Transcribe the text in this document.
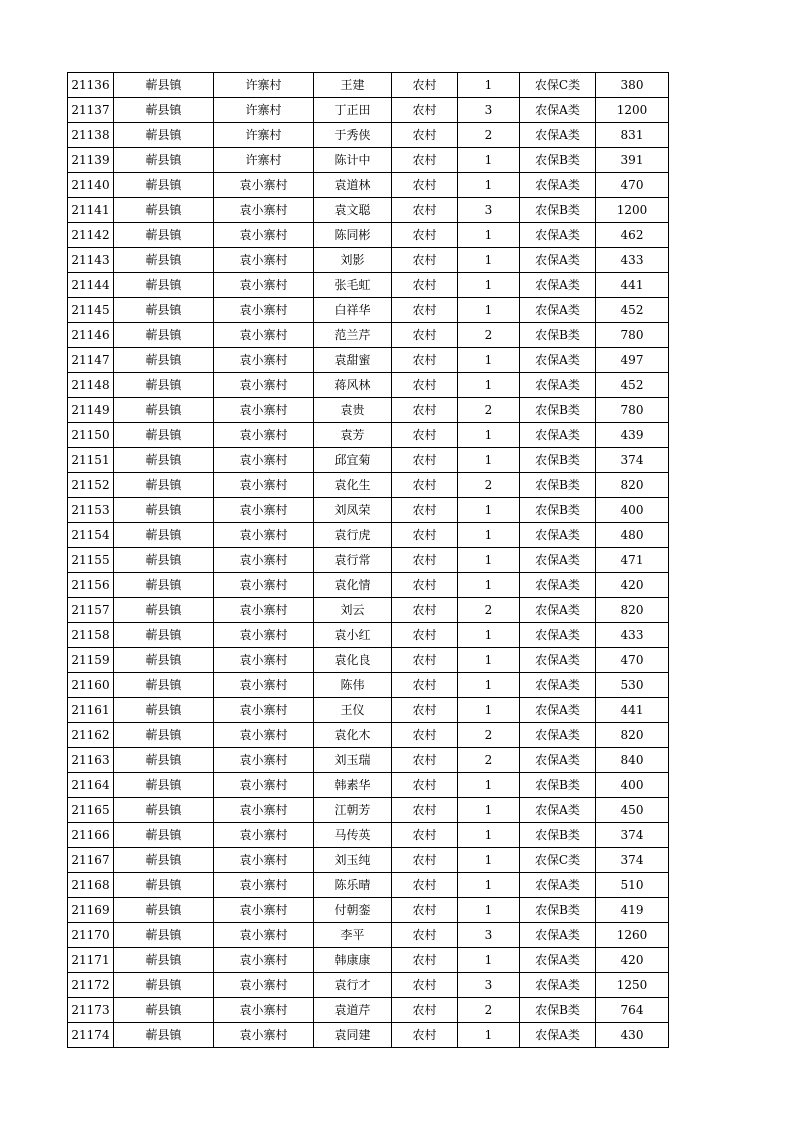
21136	蕲县镇	许寨村	王建	农村	1	农保C类	380
21137	蕲县镇	许寨村	丁正田	农村	3	农保A类	1200
21138	蕲县镇	许寨村	于秀侠	农村	2	农保A类	831
21139	蕲县镇	许寨村	陈计中	农村	1	农保B类	391
21140	蕲县镇	袁小寨村	袁道林	农村	1	农保A类	470
21141	蕲县镇	袁小寨村	袁文聪	农村	3	农保B类	1200
21142	蕲县镇	袁小寨村	陈同彬	农村	1	农保A类	462
21143	蕲县镇	袁小寨村	刘影	农村	1	农保A类	433
21144	蕲县镇	袁小寨村	张毛虹	农村	1	农保A类	441
21145	蕲县镇	袁小寨村	白祥华	农村	1	农保A类	452
21146	蕲县镇	袁小寨村	范兰芹	农村	2	农保B类	780
21147	蕲县镇	袁小寨村	袁甜蜜	农村	1	农保A类	497
21148	蕲县镇	袁小寨村	蒋风林	农村	1	农保A类	452
21149	蕲县镇	袁小寨村	袁贵	农村	2	农保B类	780
21150	蕲县镇	袁小寨村	袁芳	农村	1	农保A类	439
21151	蕲县镇	袁小寨村	邱宜菊	农村	1	农保B类	374
21152	蕲县镇	袁小寨村	袁化生	农村	2	农保B类	820
21153	蕲县镇	袁小寨村	刘凤荣	农村	1	农保B类	400
21154	蕲县镇	袁小寨村	袁行虎	农村	1	农保A类	480
21155	蕲县镇	袁小寨村	袁行常	农村	1	农保A类	471
21156	蕲县镇	袁小寨村	袁化情	农村	1	农保A类	420
21157	蕲县镇	袁小寨村	刘云	农村	2	农保A类	820
21158	蕲县镇	袁小寨村	袁小红	农村	1	农保A类	433
21159	蕲县镇	袁小寨村	袁化良	农村	1	农保A类	470
21160	蕲县镇	袁小寨村	陈伟	农村	1	农保A类	530
21161	蕲县镇	袁小寨村	王仪	农村	1	农保A类	441
21162	蕲县镇	袁小寨村	袁化木	农村	2	农保A类	820
21163	蕲县镇	袁小寨村	刘玉瑞	农村	2	农保A类	840
21164	蕲县镇	袁小寨村	韩素华	农村	1	农保B类	400
21165	蕲县镇	袁小寨村	江朝芳	农村	1	农保A类	450
21166	蕲县镇	袁小寨村	马传英	农村	1	农保B类	374
21167	蕲县镇	袁小寨村	刘玉纯	农村	1	农保C类	374
21168	蕲县镇	袁小寨村	陈乐晴	农村	1	农保A类	510
21169	蕲县镇	袁小寨村	付朝銮	农村	1	农保B类	419
21170	蕲县镇	袁小寨村	李平	农村	3	农保A类	1260
21171	蕲县镇	袁小寨村	韩康康	农村	1	农保A类	420
21172	蕲县镇	袁小寨村	袁行才	农村	3	农保A类	1250
21173	蕲县镇	袁小寨村	袁道芹	农村	2	农保B类	764
21174	蕲县镇	袁小寨村	袁同建	农村	1	农保A类	430
